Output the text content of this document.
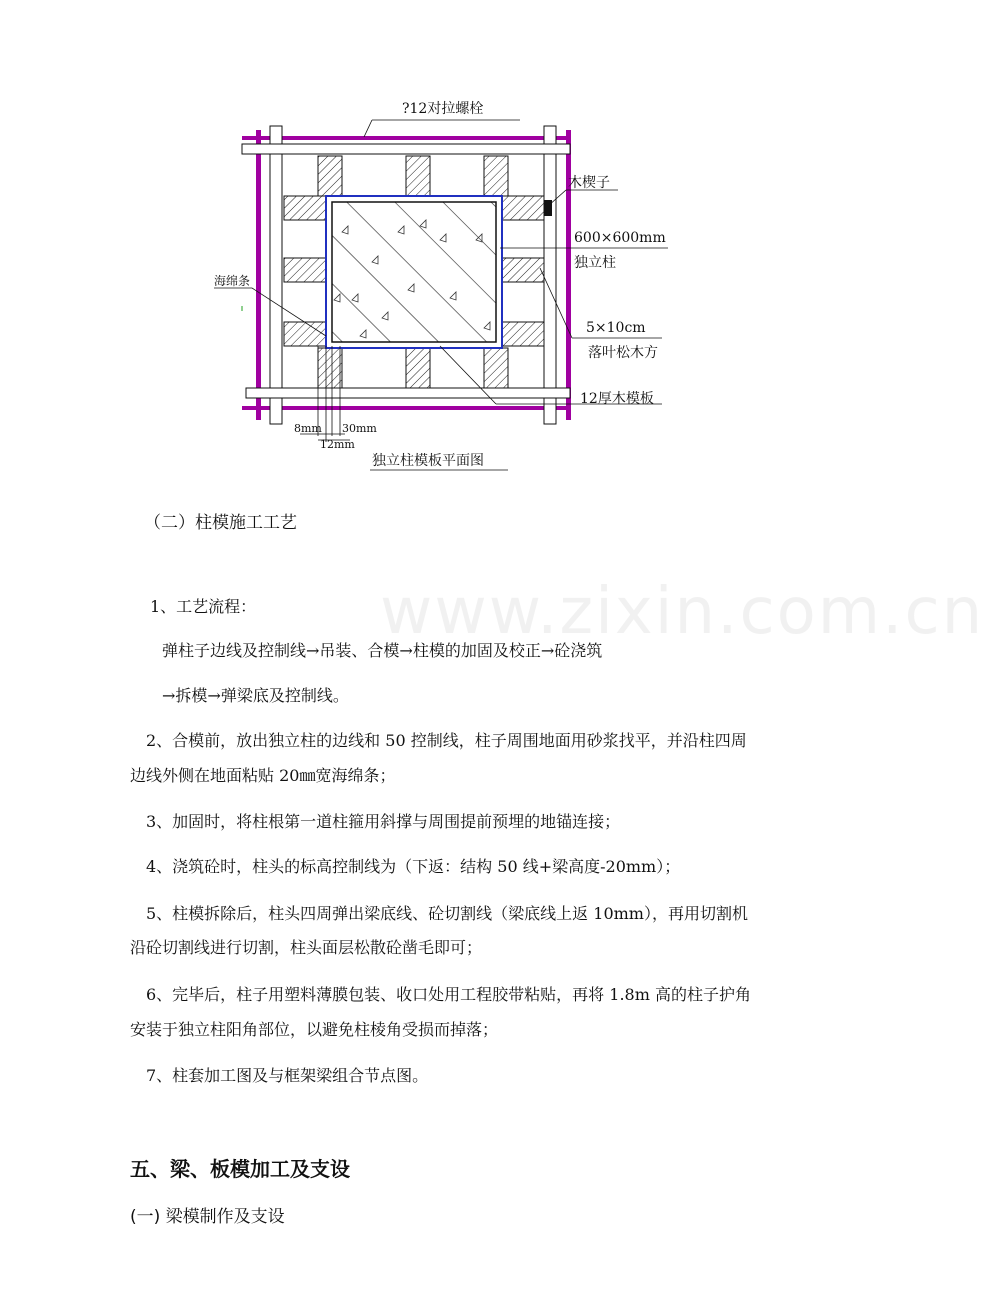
?12对拉螺栓
木楔子
600×600mm
独立柱
海绵条
5×10cm
落叶松木方
12厚木模板
8mm 30mm
12mm
独立柱模板平面图
www.zixin.com.cn
（二）柱模施工工艺
1、工艺流程：
弹柱子边线及控制线→吊装、合模→柱模的加固及校正→砼浇筑
→拆模→弹梁底及控制线。
2、合模前，放出独立柱的边线和 50 控制线，柱子周围地面用砂浆找平，并沿柱四周
边线外侧在地面粘贴 20㎜宽海绵条；
3、加固时，将柱根第一道柱箍用斜撑与周围提前预埋的地锚连接；
4、浇筑砼时，柱头的标高控制线为（下返：结构 50 线+梁高度-20mm）；
5、柱模拆除后，柱头四周弹出梁底线、砼切割线（梁底线上返 10mm），再用切割机
沿砼切割线进行切割，柱头面层松散砼凿毛即可；
6、完毕后，柱子用塑料薄膜包装、收口处用工程胶带粘贴，再将 1.8m 高的柱子护角
安装于独立柱阳角部位，以避免柱棱角受损而掉落；
7、柱套加工图及与框架梁组合节点图。
五、梁、板模加工及支设
(一) 梁模制作及支设
